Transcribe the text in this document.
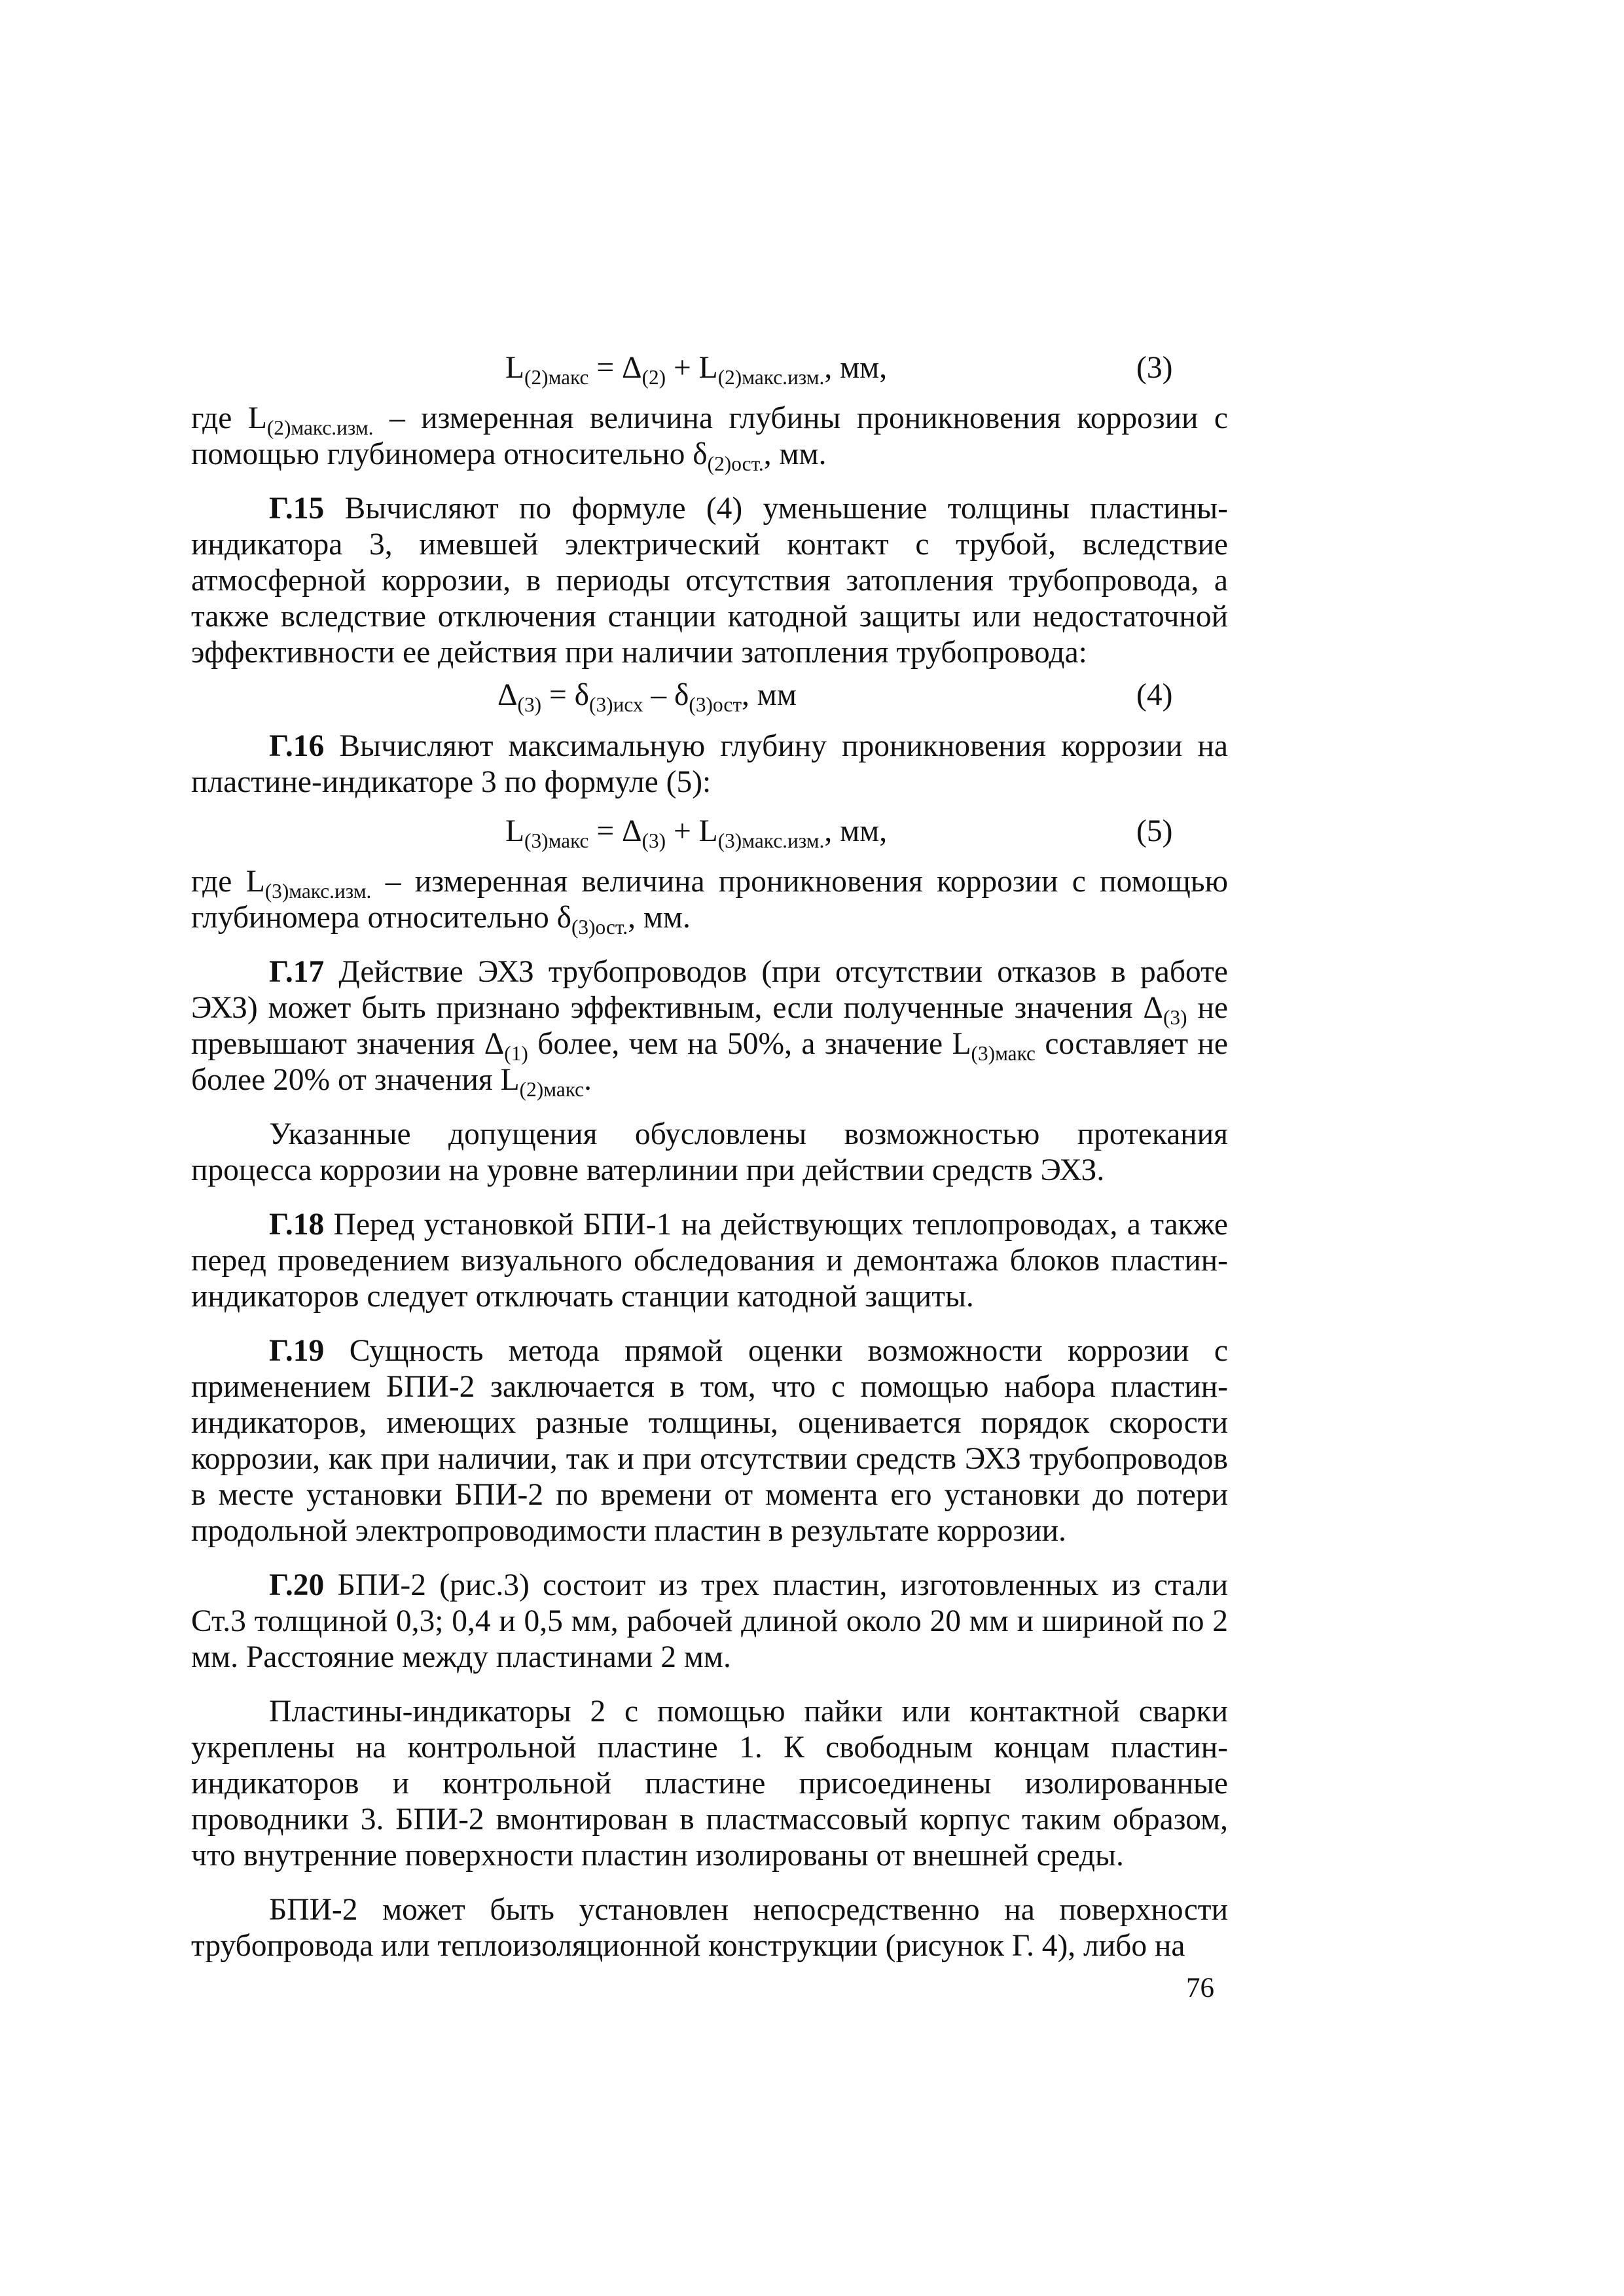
$L_{(2)макс} = \Delta_{(2)} + L_{(2)макс.изм.}$, мм,	(3)

где $L_{(2)макс.изм.}$ – измеренная величина глубины проникновения коррозии с помощью глубиномера относительно $\delta_{(2)ост.}$, мм.

Г.15 Вычисляют по формуле (4) уменьшение толщины пластины-индикатора 3, имевшей электрический контакт с трубой, вследствие атмосферной коррозии, в периоды отсутствия затопления трубопровода, а также вследствие отключения станции катодной защиты или недостаточной эффективности ее действия при наличии затопления трубопровода:

$\Delta_{(3)} = \delta_{(3)исх} - \delta_{(3)ост}$, мм	(4)

Г.16 Вычисляют максимальную глубину проникновения коррозии на пластине-индикаторе 3 по формуле (5):

$L_{(3)макс} = \Delta_{(3)} + L_{(3)макс.изм.}$, мм,	(5)

где $L_{(3)макс.изм.}$ – измеренная величина проникновения коррозии с помощью глубиномера относительно $\delta_{(3)ост.}$, мм.

Г.17 Действие ЭХЗ трубопроводов (при отсутствии отказов в работе ЭХЗ) может быть признано эффективным, если полученные значения $\Delta_{(3)}$ не превышают значения $\Delta_{(1)}$ более, чем на 50%, а значение $L_{(3)макс}$ составляет не более 20% от значения $L_{(2)макс}$.

Указанные допущения обусловлены возможностью протекания процесса коррозии на уровне ватерлинии при действии средств ЭХЗ.

Г.18 Перед установкой БПИ-1 на действующих теплопроводах, а также перед проведением визуального обследования и демонтажа блоков пластин-индикаторов следует отключать станции катодной защиты.

Г.19 Сущность метода прямой оценки возможности коррозии с применением БПИ-2 заключается в том, что с помощью набора пластин-индикаторов, имеющих разные толщины, оценивается порядок скорости коррозии, как при наличии, так и при отсутствии средств ЭХЗ трубопроводов в месте установки БПИ-2 по времени от момента его установки до потери продольной электропроводимости пластин в результате коррозии.

Г.20 БПИ-2 (рис.3) состоит из трех пластин, изготовленных из стали Ст.3 толщиной 0,3; 0,4 и 0,5 мм, рабочей длиной около 20 мм и шириной по 2 мм. Расстояние между пластинами 2 мм.

Пластины-индикаторы 2 с помощью пайки или контактной сварки укреплены на контрольной пластине 1. К свободным концам пластин-индикаторов и контрольной пластине присоединены изолированные проводники 3. БПИ-2 вмонтирован в пластмассовый корпус таким образом, что внутренние поверхности пластин изолированы от внешней среды.

БПИ-2 может быть установлен непосредственно на поверхности трубопровода или теплоизоляционной конструкции (рисунок Г. 4), либо на

76
